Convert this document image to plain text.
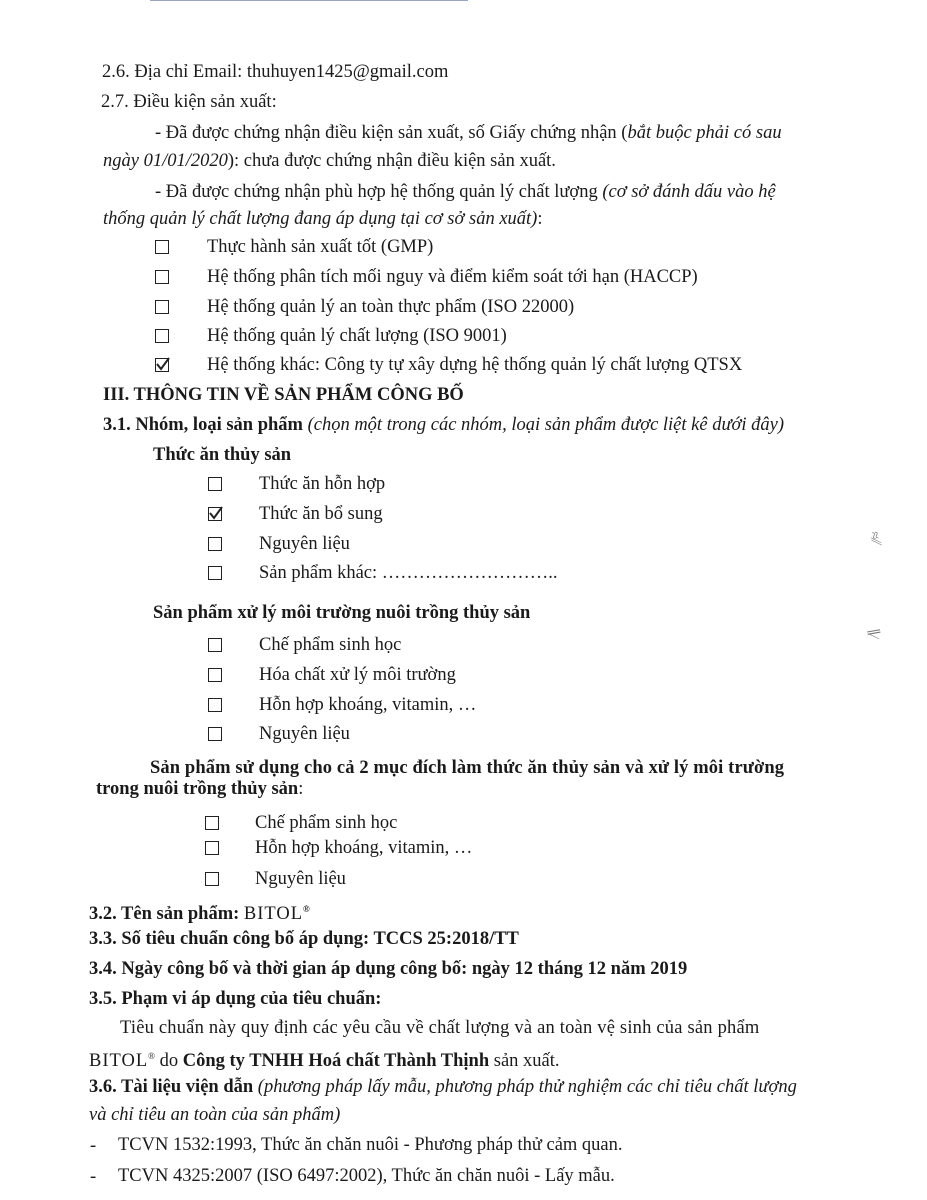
2.6. Địa chỉ Email: thuhuyen1425@gmail.com
2.7. Điều kiện sản xuất:
- Đã được chứng nhận điều kiện sản xuất, số Giấy chứng nhận (bắt buộc phải có sau
ngày 01/01/2020): chưa được chứng nhận điều kiện sản xuất.
- Đã được chứng nhận phù hợp hệ thống quản lý chất lượng (cơ sở đánh dấu vào hệ
thống quản lý chất lượng đang áp dụng tại cơ sở sản xuất):
Thực hành sản xuất tốt (GMP)
Hệ thống phân tích mối nguy và điểm kiểm soát tới hạn (HACCP)
Hệ thống quản lý an toàn thực phẩm (ISO 22000)
Hệ thống quản lý chất lượng (ISO 9001)
Hệ thống khác: Công ty tự xây dựng hệ thống quản lý chất lượng QTSX
III. THÔNG TIN VỀ SẢN PHẨM CÔNG BỐ
3.1. Nhóm, loại sản phẩm (chọn một trong các nhóm, loại sản phẩm được liệt kê dưới đây)
Thức ăn thủy sản
Thức ăn hỗn hợp
Thức ăn bổ sung
Nguyên liệu
Sản phẩm khác: ………………………..
Sản phẩm xử lý môi trường nuôi trồng thủy sản
Chế phẩm sinh học
Hóa chất xử lý môi trường
Hỗn hợp khoáng, vitamin, …
Nguyên liệu
Sản phẩm sử dụng cho cả 2 mục đích làm thức ăn thủy sản và xử lý môi trường
trong nuôi trồng thủy sản:
Chế phẩm sinh học
Hỗn hợp khoáng, vitamin, …
Nguyên liệu
3.2. Tên sản phẩm: BITOL®
3.3. Số tiêu chuẩn công bố áp dụng: TCCS 25:2018/TT
3.4. Ngày công bố và thời gian áp dụng công bố: ngày 12 tháng 12 năm 2019
3.5. Phạm vi áp dụng của tiêu chuẩn:
Tiêu chuẩn này quy định các yêu cầu về chất lượng và an toàn vệ sinh của sản phẩm
BITOL® do Công ty TNHH Hoá chất Thành Thịnh sản xuất.
3.6. Tài liệu viện dẫn (phương pháp lấy mẫu, phương pháp thử nghiệm các chỉ tiêu chất lượng
và chỉ tiêu an toàn của sản phẩm)
- TCVN 1532:1993, Thức ăn chăn nuôi - Phương pháp thử cảm quan.
- TCVN 4325:2007 (ISO 6497:2002), Thức ăn chăn nuôi - Lấy mẫu.
≈⁄∕
∥⁄
